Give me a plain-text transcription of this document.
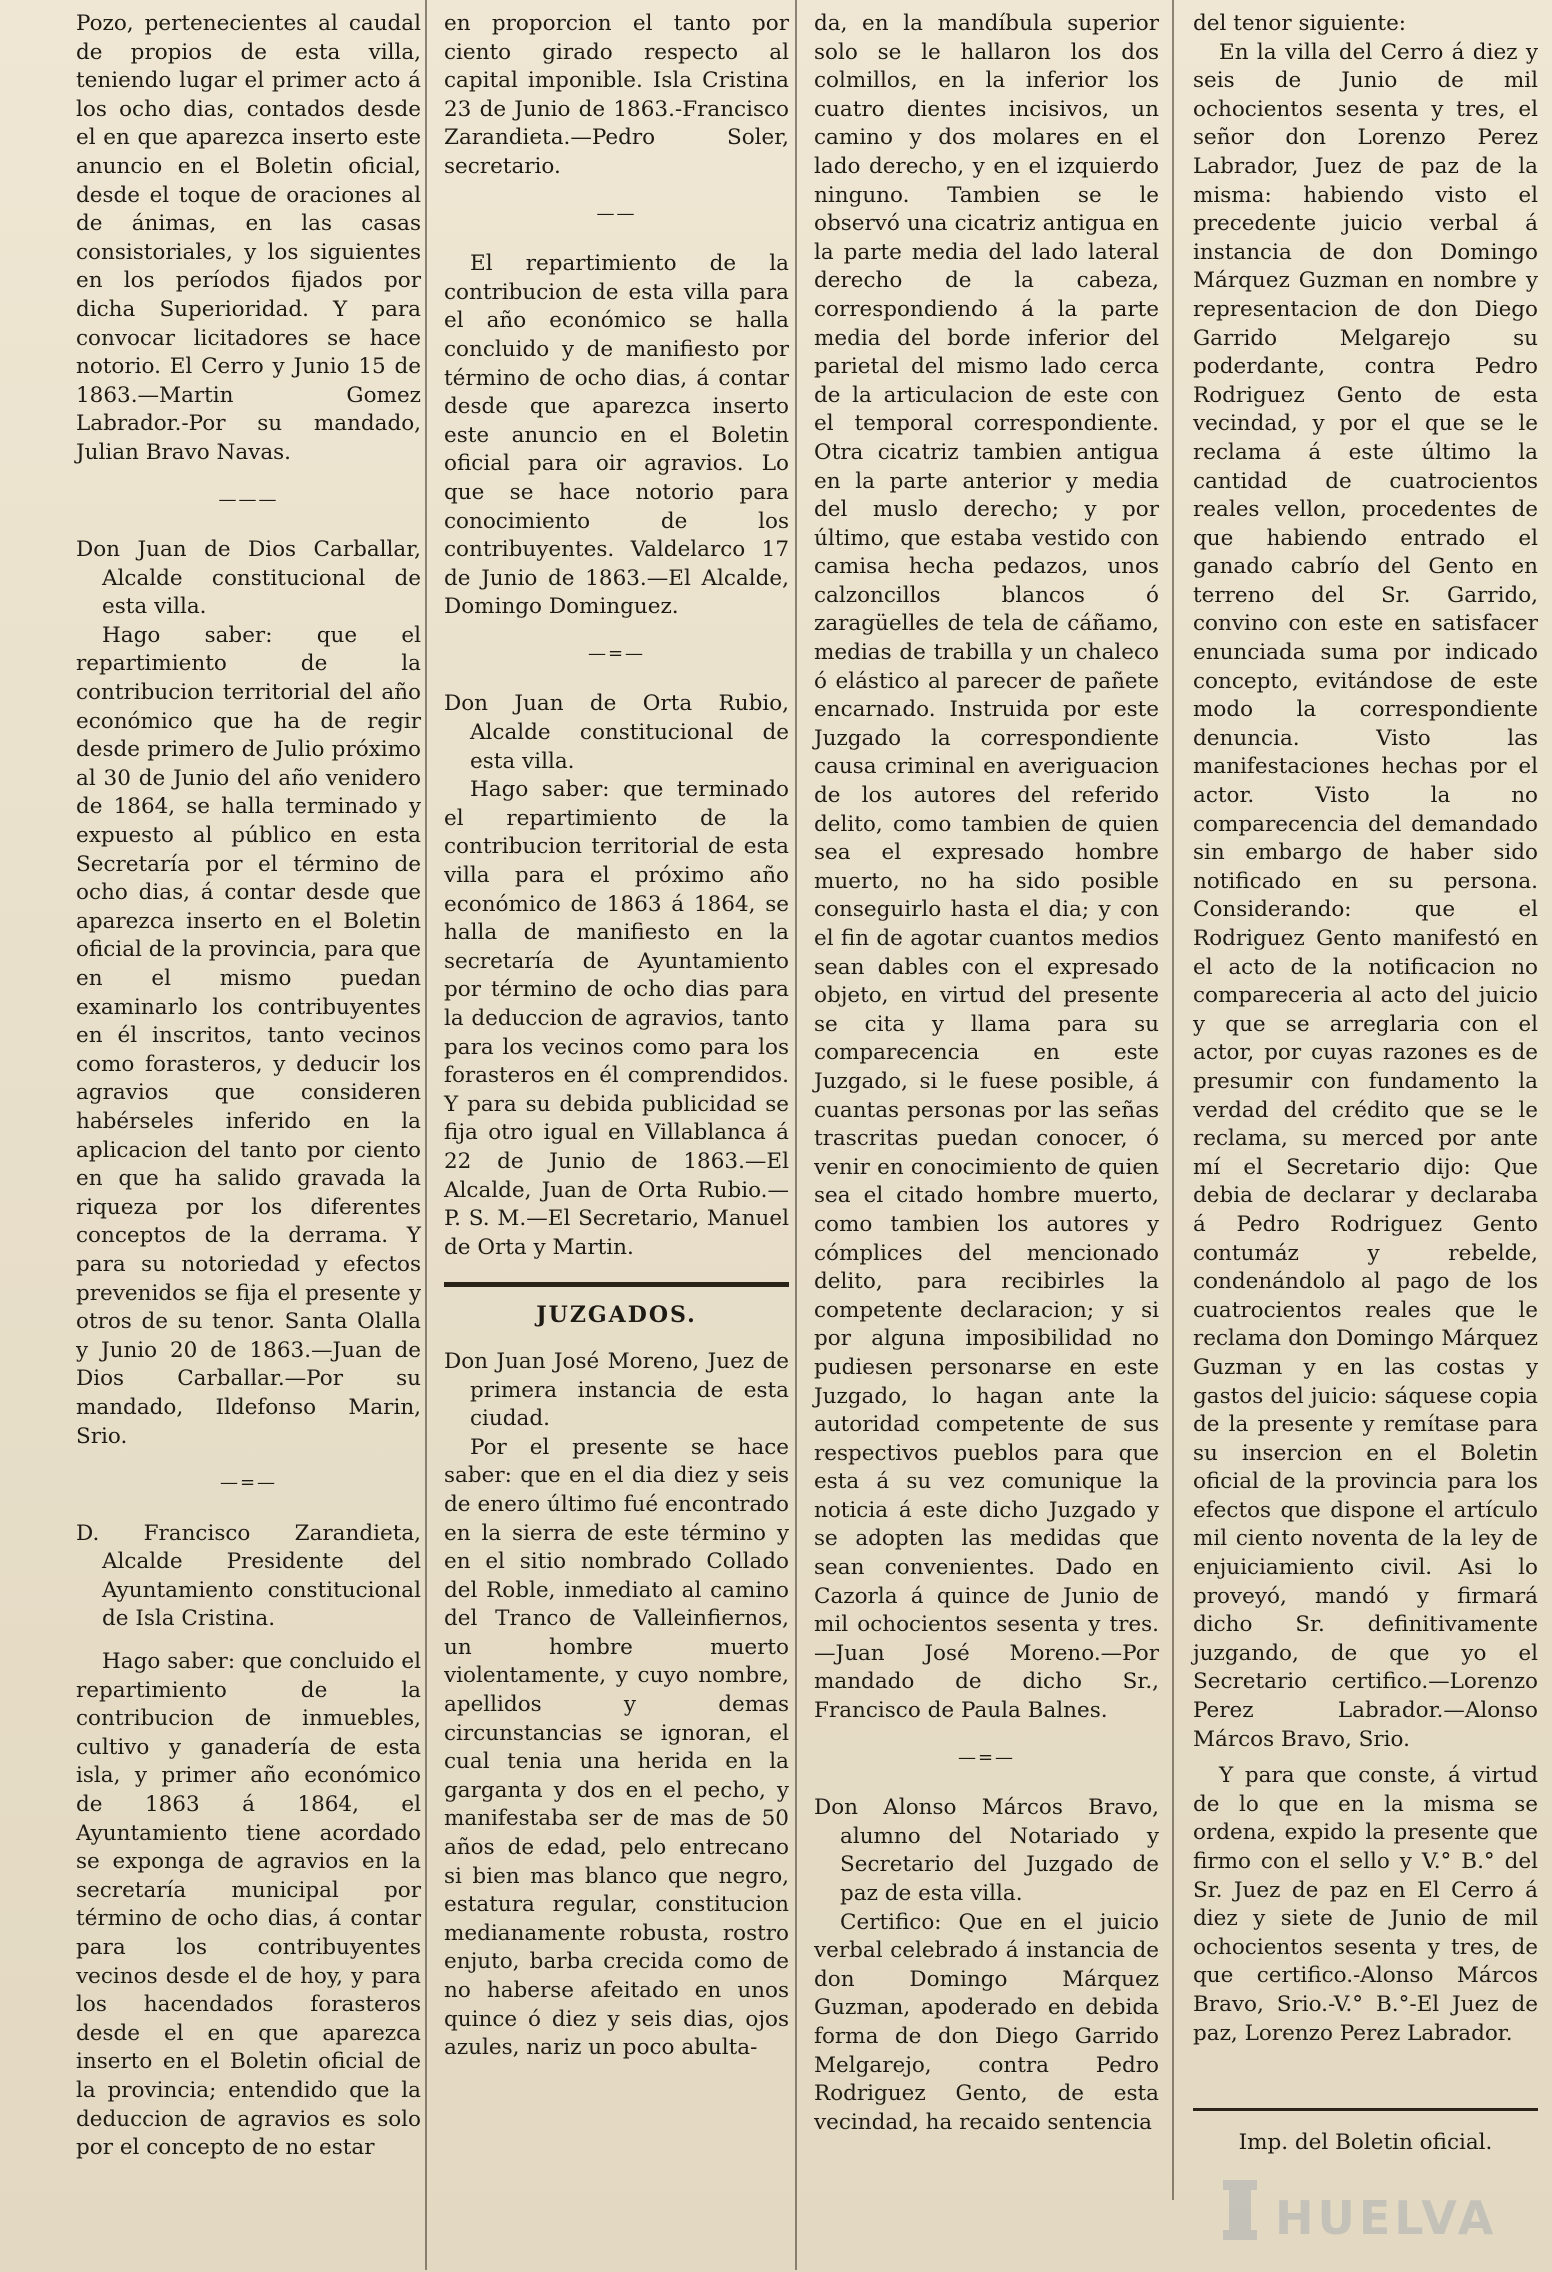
Pozo, pertenecientes al caudal de propios de esta villa, teniendo lugar el primer acto á los ocho dias, contados desde el en que aparezca inserto este anuncio en el Boletin oficial, desde el toque de oraciones al de ánimas, en las casas consistoriales, y los siguientes en los períodos fijados por dicha Superioridad. Y para convocar licitadores se hace notorio. El Cerro y Junio 15 de 1863.—Martin Gomez Labrador.-Por su mandado, Julian Bravo Navas.

———

Don Juan de Dios Carballar, Alcalde constitucional de esta villa.

Hago saber: que el repartimiento de la contribucion territorial del año económico que ha de regir desde primero de Julio próximo al 30 de Junio del año venidero de 1864, se halla terminado y expuesto al público en esta Secretaría por el término de ocho dias, á contar desde que aparezca inserto en el Boletin oficial de la provincia, para que en el mismo puedan examinarlo los contribuyentes en él inscritos, tanto vecinos como forasteros, y deducir los agravios que consideren habérseles inferido en la aplicacion del tanto por ciento en que ha salido gravada la riqueza por los diferentes conceptos de la derrama. Y para su notoriedad y efectos prevenidos se fija el presente y otros de su tenor. Santa Olalla y Junio 20 de 1863.—Juan de Dios Carballar.—Por su mandado, Ildefonso Marin, Srio.

—=—

D. Francisco Zarandieta, Alcalde Presidente del Ayuntamiento constitucional de Isla Cristina.

Hago saber: que concluido el repartimiento de la contribucion de inmuebles, cultivo y ganadería de esta isla, y primer año económico de 1863 á 1864, el Ayuntamiento tiene acordado se exponga de agravios en la secretaría municipal por término de ocho dias, á contar para los contribuyentes vecinos desde el de hoy, y para los hacendados forasteros desde el en que aparezca inserto en el Boletin oficial de la provincia; entendido que la deduccion de agravios es solo por el concepto de no estar

en proporcion el tanto por ciento girado respecto al capital imponible. Isla Cristina 23 de Junio de 1863.-Francisco Zarandieta.—Pedro Soler, secretario.

——

El repartimiento de la contribucion de esta villa para el año económico se halla concluido y de manifiesto por término de ocho dias, á contar desde que aparezca inserto este anuncio en el Boletin oficial para oir agravios. Lo que se hace notorio para conocimiento de los contribuyentes. Valdelarco 17 de Junio de 1863.—El Alcalde, Domingo Dominguez.

—=—

Don Juan de Orta Rubio, Alcalde constitucional de esta villa.

Hago saber: que terminado el repartimiento de la contribucion territorial de esta villa para el próximo año económico de 1863 á 1864, se halla de manifiesto en la secretaría de Ayuntamiento por término de ocho dias para la deduccion de agravios, tanto para los vecinos como para los forasteros en él comprendidos. Y para su debida publicidad se fija otro igual en Villablanca á 22 de Junio de 1863.—El Alcalde, Juan de Orta Rubio.—P. S. M.—El Secretario, Manuel de Orta y Martin.

JUZGADOS.

Don Juan José Moreno, Juez de primera instancia de esta ciudad.

Por el presente se hace saber: que en el dia diez y seis de enero último fué encontrado en la sierra de este término y en el sitio nombrado Collado del Roble, inmediato al camino del Tranco de Valleinfiernos, un hombre muerto violentamente, y cuyo nombre, apellidos y demas circunstancias se ignoran, el cual tenia una herida en la garganta y dos en el pecho, y manifestaba ser de mas de 50 años de edad, pelo entrecano si bien mas blanco que negro, estatura regular, constitucion medianamente robusta, rostro enjuto, barba crecida como de no haberse afeitado en unos quince ó diez y seis dias, ojos azules, nariz un poco abulta-

da, en la mandíbula superior solo se le hallaron los dos colmillos, en la inferior los cuatro dientes incisivos, un camino y dos molares en el lado derecho, y en el izquierdo ninguno. Tambien se le observó una cicatriz antigua en la parte media del lado lateral derecho de la cabeza, correspondiendo á la parte media del borde inferior del parietal del mismo lado cerca de la articulacion de este con el temporal correspondiente. Otra cicatriz tambien antigua en la parte anterior y media del muslo derecho; y por último, que estaba vestido con camisa hecha pedazos, unos calzoncillos blancos ó zaragüelles de tela de cáñamo, medias de trabilla y un chaleco ó elástico al parecer de pañete encarnado. Instruida por este Juzgado la correspondiente causa criminal en averiguacion de los autores del referido delito, como tambien de quien sea el expresado hombre muerto, no ha sido posible conseguirlo hasta el dia; y con el fin de agotar cuantos medios sean dables con el expresado objeto, en virtud del presente se cita y llama para su comparecencia en este Juzgado, si le fuese posible, á cuantas personas por las señas trascritas puedan conocer, ó venir en conocimiento de quien sea el citado hombre muerto, como tambien los autores y cómplices del mencionado delito, para recibirles la competente declaracion; y si por alguna imposibilidad no pudiesen personarse en este Juzgado, lo hagan ante la autoridad competente de sus respectivos pueblos para que esta á su vez comunique la noticia á este dicho Juzgado y se adopten las medidas que sean convenientes. Dado en Cazorla á quince de Junio de mil ochocientos sesenta y tres.—Juan José Moreno.—Por mandado de dicho Sr., Francisco de Paula Balnes.

—=—

Don Alonso Márcos Bravo, alumno del Notariado y Secretario del Juzgado de paz de esta villa.

Certifico: Que en el juicio verbal celebrado á instancia de don Domingo Márquez Guzman, apoderado en debida forma de don Diego Garrido Melgarejo, contra Pedro Rodriguez Gento, de esta vecindad, ha recaido sentencia

del tenor siguiente:

En la villa del Cerro á diez y seis de Junio de mil ochocientos sesenta y tres, el señor don Lorenzo Perez Labrador, Juez de paz de la misma: habiendo visto el precedente juicio verbal á instancia de don Domingo Márquez Guzman en nombre y representacion de don Diego Garrido Melgarejo su poderdante, contra Pedro Rodriguez Gento de esta vecindad, y por el que se le reclama á este último la cantidad de cuatrocientos reales vellon, procedentes de que habiendo entrado el ganado cabrío del Gento en terreno del Sr. Garrido, convino con este en satisfacer enunciada suma por indicado concepto, evitándose de este modo la correspondiente denuncia. Visto las manifestaciones hechas por el actor. Visto la no comparecencia del demandado sin embargo de haber sido notificado en su persona. Considerando: que el Rodriguez Gento manifestó en el acto de la notificacion no compareceria al acto del juicio y que se arreglaria con el actor, por cuyas razones es de presumir con fundamento la verdad del crédito que se le reclama, su merced por ante mí el Secretario dijo: Que debia de declarar y declaraba á Pedro Rodriguez Gento contumáz y rebelde, condenándolo al pago de los cuatrocientos reales que le reclama don Domingo Márquez Guzman y en las costas y gastos del juicio: sáquese copia de la presente y remítase para su insercion en el Boletin oficial de la provincia para los efectos que dispone el artículo mil ciento noventa de la ley de enjuiciamiento civil. Asi lo proveyó, mandó y firmará dicho Sr. definitivamente juzgando, de que yo el Secretario certifico.—Lorenzo Perez Labrador.—Alonso Márcos Bravo, Srio.

Y para que conste, á virtud de lo que en la misma se ordena, expido la presente que firmo con el sello y V.° B.° del Sr. Juez de paz en El Cerro á diez y siete de Junio de mil ochocientos sesenta y tres, de que certifico.-Alonso Márcos Bravo, Srio.-V.° B.°-El Juez de paz, Lorenzo Perez Labrador.

Imp. del Boletin oficial.

HUELVA
